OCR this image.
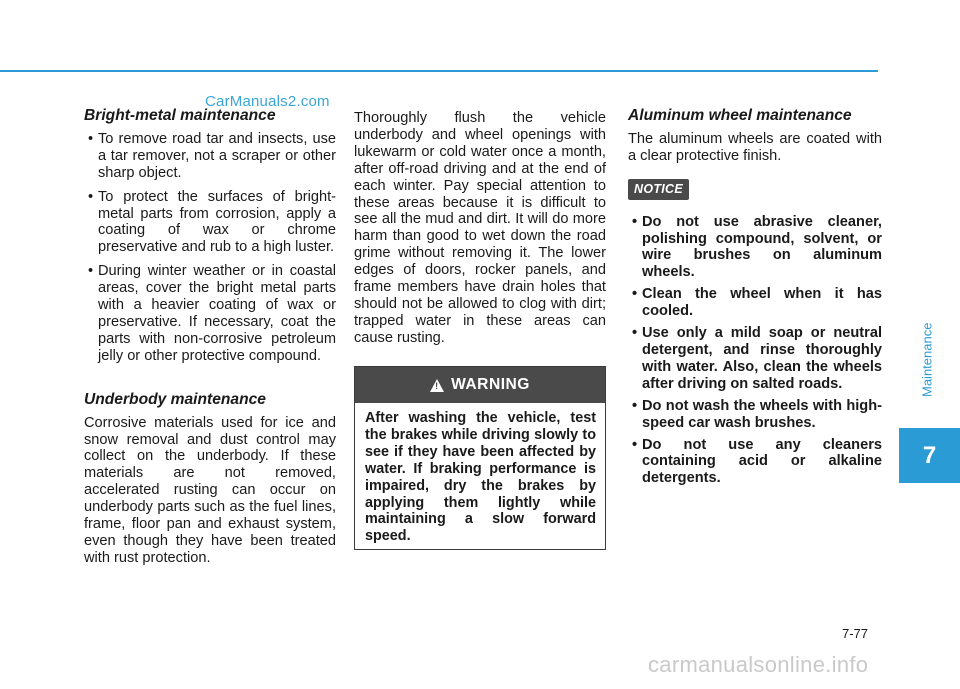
CarManuals2.com
Bright-metal maintenance
• To remove road tar and insects, use a tar remover, not a scraper or other sharp object.
• To protect the surfaces of bright-metal parts from corrosion, apply a coating of wax or chrome preservative and rub to a high luster.
• During winter weather or in coastal areas, cover the bright metal parts with a heavier coating of wax or preservative. If necessary, coat the parts with non-corrosive petroleum jelly or other protective compound.
Underbody maintenance

Corrosive materials used for ice and snow removal and dust control may collect on the underbody. If these materials are not removed, accelerated rusting can occur on underbody parts such as the fuel lines, frame, floor pan and exhaust system, even though they have been treated with rust protection.

Thoroughly flush the vehicle underbody and wheel openings with lukewarm or cold water once a month, after off-road driving and at the end of each winter. Pay special attention to these areas because it is difficult to see all the mud and dirt. It will do more harm than good to wet down the road grime without removing it. The lower edges of doors, rocker panels, and frame members have drain holes that should not be allowed to clog with dirt; trapped water in these areas can cause rusting.

!
WARNING
After washing the vehicle, test the brakes while driving slowly to see if they have been affected by water. If braking performance is impaired, dry the brakes by applying them lightly while maintaining a slow forward speed.
Aluminum wheel maintenance

The aluminum wheels are coated with a clear protective finish.

NOTICE
• Do not use abrasive cleaner, polishing compound, solvent, or wire brushes on aluminum wheels.
• Clean the wheel when it has cooled.
• Use only a mild soap or neutral detergent, and rinse thoroughly with water. Also, clean the wheels after driving on salted roads.
• Do not wash the wheels with high-speed car wash brushes.
• Do not use any cleaners containing acid or alkaline detergents.
Maintenance
7
7-77
carmanualsonline.info
